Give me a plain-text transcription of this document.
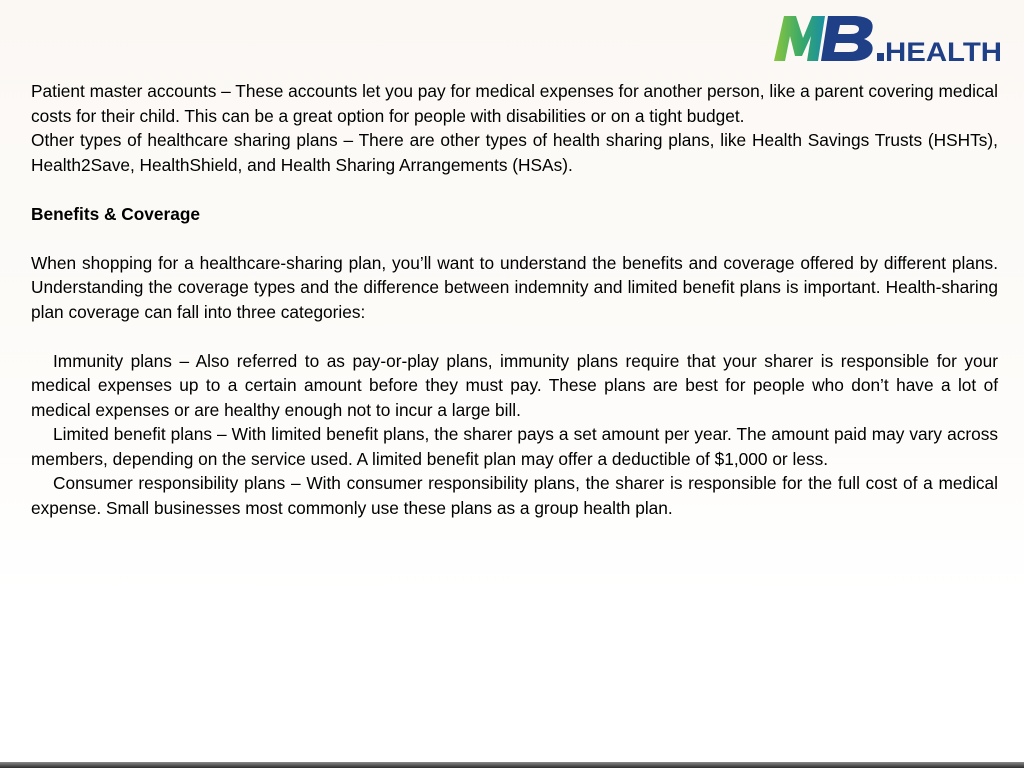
HEALTH

Patient master accounts – These accounts let you pay for medical expenses for another person, like a parent covering medical costs for their child. This can be a great option for people with disabilities or on a tight budget.

Other types of healthcare sharing plans – There are other types of health sharing plans, like Health Savings Trusts (HSHTs), Health2Save, HealthShield, and Health Sharing Arrangements (HSAs).

Benefits & Coverage

When shopping for a healthcare-sharing plan, you’ll want to understand the benefits and coverage offered by different plans. Understanding the coverage types and the difference between indemnity and limited benefit plans is important. Health-sharing plan coverage can fall into three categories:

Immunity plans – Also referred to as pay-or-play plans, immunity plans require that your sharer is responsible for your medical expenses up to a certain amount before they must pay. These plans are best for people who don’t have a lot of medical expenses or are healthy enough not to incur a large bill.

Limited benefit plans – With limited benefit plans, the sharer pays a set amount per year. The amount paid may vary across members, depending on the service used. A limited benefit plan may offer a deductible of $1,000 or less.

Consumer responsibility plans – With consumer responsibility plans, the sharer is responsible for the full cost of a medical expense. Small businesses most commonly use these plans as a group health plan.
